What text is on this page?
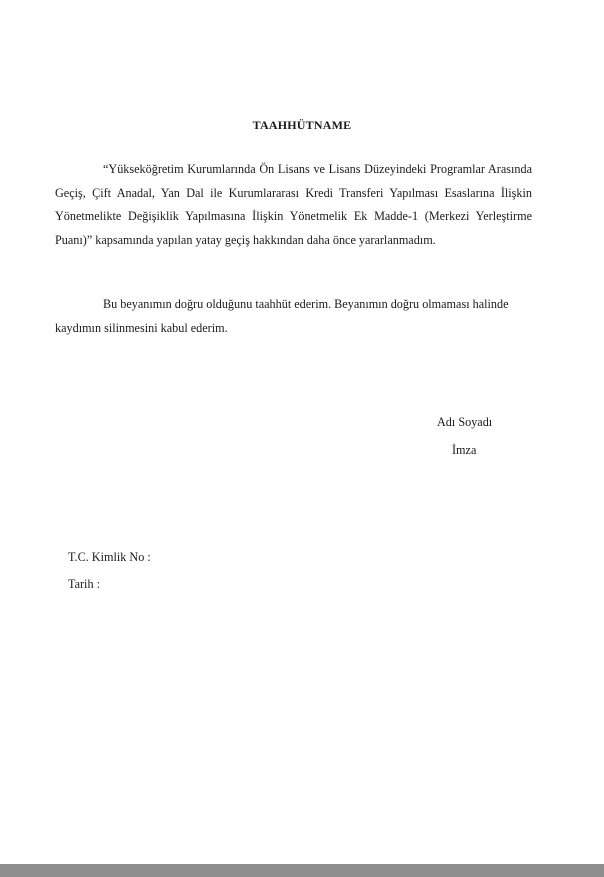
TAAHHÜTNAME

“Yükseköğretim Kurumlarında Ön Lisans ve Lisans Düzeyindeki Programlar Arasında Geçiş, Çift Anadal, Yan Dal ile Kurumlararası Kredi Transferi Yapılması Esaslarına İlişkin Yönetmelikte Değişiklik Yapılmasına İlişkin Yönetmelik Ek Madde-1 (Merkezi Yerleştirme Puanı)” kapsamında yapılan yatay geçiş hakkından daha önce yararlanmadım.

Bu beyanımın doğru olduğunu taahhüt ederim. Beyanımın doğru olmaması halinde kaydımın silinmesini kabul ederim.

Adı Soyadı
İmza
T.C. Kimlik No :
Tarih :
